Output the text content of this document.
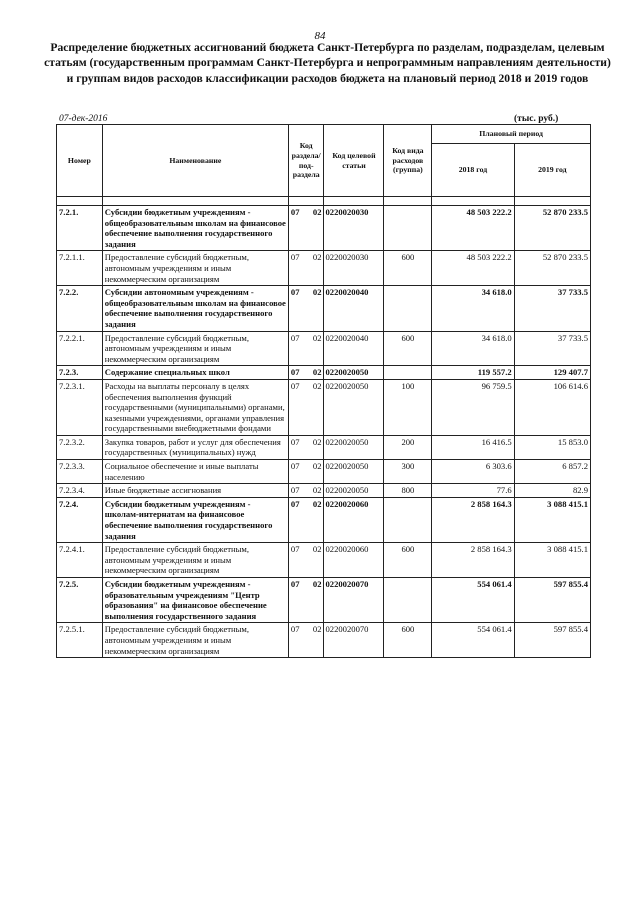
84
Распределение бюджетных ассигнований бюджета Санкт-Петербурга по разделам, подразделам, целевым статьям (государственным программам Санкт-Петербурга и непрограммным направлениям деятельности) и группам видов расходов классификации расходов бюджета на плановый период 2018 и 2019 годов
07-дек-2016	(тыс. руб.)
Номер	Наименование	Код раздела/ под-раздела		Код целевой статьи	Код вида расходов (группа)	Плановый период	
						2018 год	2019 год

7.2.1.	Субсидии бюджетным учреждениям - общеобразовательным школам на финансовое обеспечение выполнения государственного задания	07	02	0220020030		48 503 222.2	52 870 233.5
7.2.1.1.	Предоставление субсидий бюджетным, автономным учреждениям и иным некоммерческим организациям	07	02	0220020030	600	48 503 222.2	52 870 233.5
7.2.2.	Субсидии автономным учреждениям - общеобразовательным школам на финансовое обеспечение выполнения государственного задания	07	02	0220020040		34 618.0	37 733.5
7.2.2.1.	Предоставление субсидий бюджетным, автономным учреждениям и иным некоммерческим организациям	07	02	0220020040	600	34 618.0	37 733.5
7.2.3.	Содержание специальных школ	07	02	0220020050		119 557.2	129 407.7
7.2.3.1.	Расходы на выплаты персоналу в целях обеспечения выполнения функций государственными (муниципальными) органами, казенными учреждениями, органами управления государственными внебюджетными фондами	07	02	0220020050	100	96 759.5	106 614.6
7.2.3.2.	Закупка товаров, работ и услуг для обеспечения государственных (муниципальных) нужд	07	02	0220020050	200	16 416.5	15 853.0
7.2.3.3.	Социальное обеспечение и иные выплаты населению	07	02	0220020050	300	6 303.6	6 857.2
7.2.3.4.	Иные бюджетные ассигнования	07	02	0220020050	800	77.6	82.9
7.2.4.	Субсидии бюджетным учреждениям - школам-интернатам на финансовое обеспечение выполнения государственного задания	07	02	0220020060		2 858 164.3	3 088 415.1
7.2.4.1.	Предоставление субсидий бюджетным, автономным учреждениям и иным некоммерческим организациям	07	02	0220020060	600	2 858 164.3	3 088 415.1
7.2.5.	Субсидии бюджетным учреждениям - образовательным учреждениям "Центр образования" на финансовое обеспечение выполнения государственного задания	07	02	0220020070		554 061.4	597 855.4
7.2.5.1.	Предоставление субсидий бюджетным, автономным учреждениям и иным некоммерческим организациям	07	02	0220020070	600	554 061.4	597 855.4
